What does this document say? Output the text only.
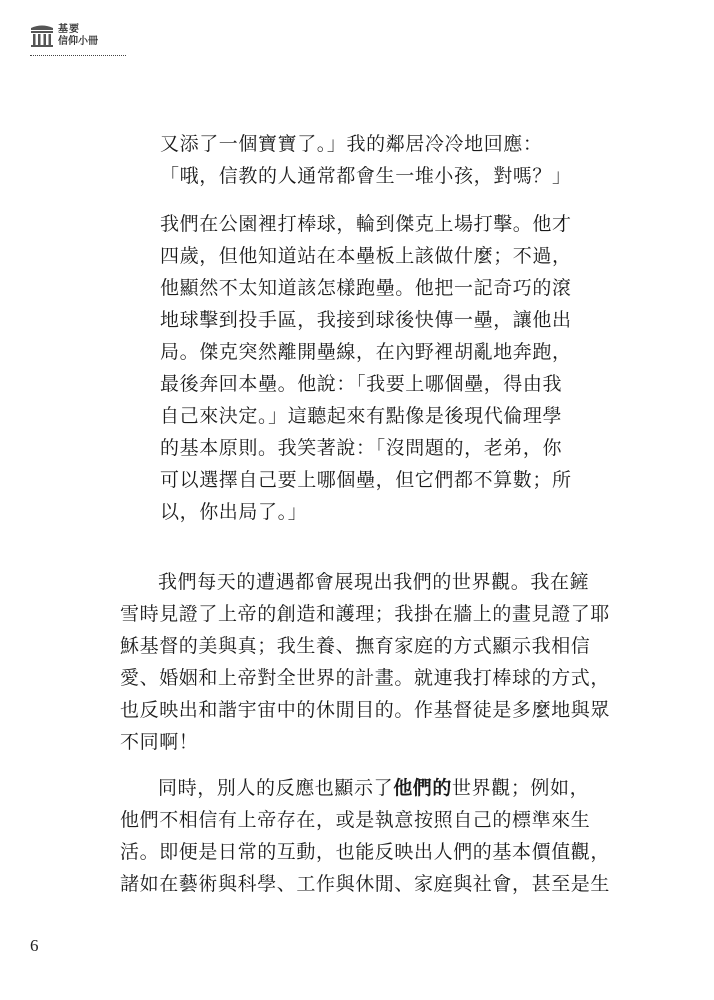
基要
信仰小冊
又添了一個寶寶了。」我的鄰居冷冷地回應：
「哦，信教的人通常都會生一堆小孩，對嗎？」
我們在公園裡打棒球，輪到傑克上場打擊。他才
四歲，但他知道站在本壘板上該做什麼；不過，
他顯然不太知道該怎樣跑壘。他把一記奇巧的滾
地球擊到投手區，我接到球後快傳一壘，讓他出
局。傑克突然離開壘線，在內野裡胡亂地奔跑，
最後奔回本壘。他說：「我要上哪個壘，得由我
自己來決定。」這聽起來有點像是後現代倫理學
的基本原則。我笑著說：「沒問題的，老弟，你
可以選擇自己要上哪個壘，但它們都不算數；所
以，你出局了。」
我們每天的遭遇都會展現出我們的世界觀。我在鏟
雪時見證了上帝的創造和護理；我掛在牆上的畫見證了耶
穌基督的美與真；我生養、撫育家庭的方式顯示我相信
愛、婚姻和上帝對全世界的計畫。就連我打棒球的方式，
也反映出和諧宇宙中的休閒目的。作基督徒是多麼地與眾
不同啊！
同時，別人的反應也顯示了他們的世界觀；例如，
他們不相信有上帝存在，或是執意按照自己的標準來生
活。即便是日常的互動，也能反映出人們的基本價值觀，
諸如在藝術與科學、工作與休閒、家庭與社會，甚至是生
6
